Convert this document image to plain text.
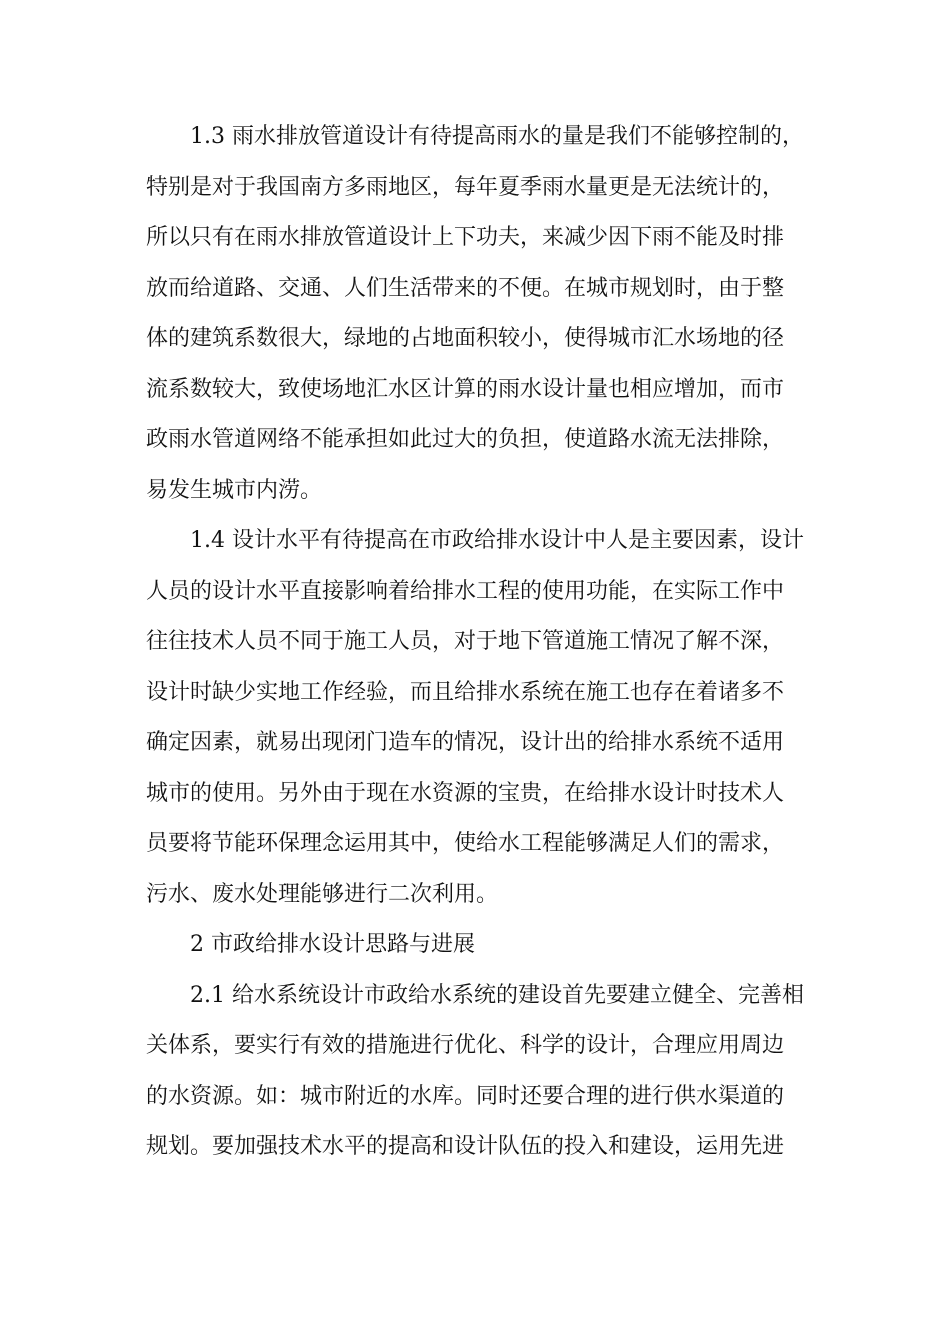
1.3 雨水排放管道设计有待提高雨水的量是我们不能够控制的，
特别是对于我国南方多雨地区，每年夏季雨水量更是无法统计的，
所以只有在雨水排放管道设计上下功夫，来减少因下雨不能及时排
放而给道路、交通、人们生活带来的不便。在城市规划时，由于整
体的建筑系数很大，绿地的占地面积较小，使得城市汇水场地的径
流系数较大，致使场地汇水区计算的雨水设计量也相应增加，而市
政雨水管道网络不能承担如此过大的负担，使道路水流无法排除，
易发生城市内涝。
1.4 设计水平有待提高在市政给排水设计中人是主要因素，设计
人员的设计水平直接影响着给排水工程的使用功能，在实际工作中
往往技术人员不同于施工人员，对于地下管道施工情况了解不深，
设计时缺少实地工作经验，而且给排水系统在施工也存在着诸多不
确定因素，就易出现闭门造车的情况，设计出的给排水系统不适用
城市的使用。另外由于现在水资源的宝贵，在给排水设计时技术人
员要将节能环保理念运用其中，使给水工程能够满足人们的需求，
污水、废水处理能够进行二次利用。
2 市政给排水设计思路与进展
2.1 给水系统设计市政给水系统的建设首先要建立健全、完善相
关体系，要实行有效的措施进行优化、科学的设计，合理应用周边
的水资源。如：城市附近的水库。同时还要合理的进行供水渠道的
规划。要加强技术水平的提高和设计队伍的投入和建设，运用先进
